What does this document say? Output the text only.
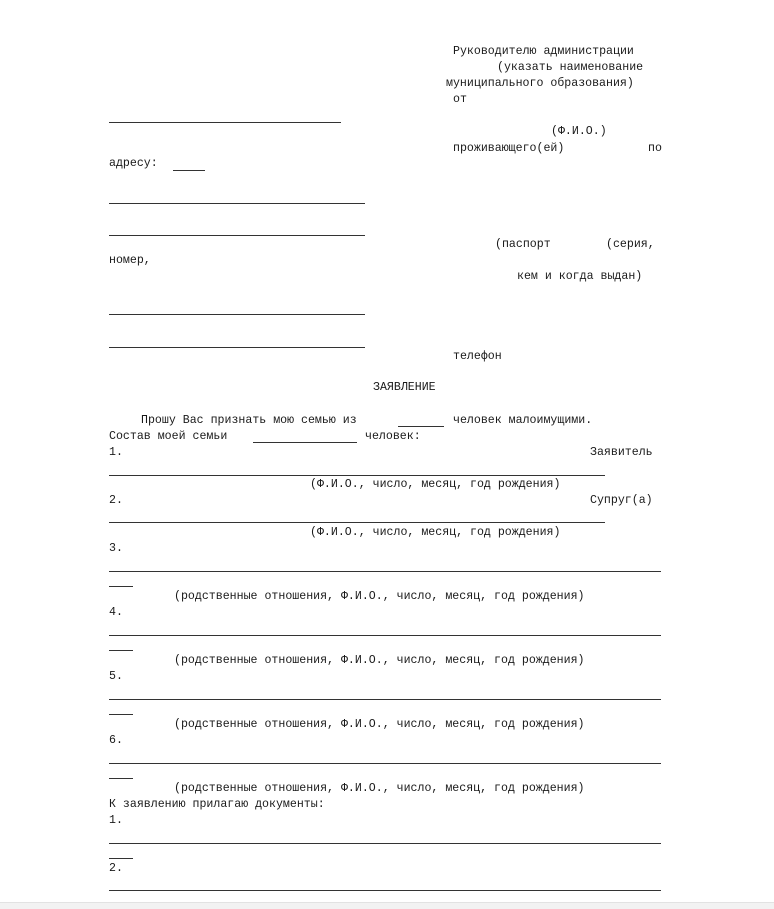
Руководителю администрации
(указать наименование
муниципального образования)
от
(Ф.И.О.)
проживающего(ей)	по
адресу:
(паспорт	(серия,
номер,
кем и когда выдан)
телефон
ЗАЯВЛЕНИЕ
Прошу Вас признать мою семью из	человек малоимущими.
Состав моей семьи	человек:
1.	Заявитель
(Ф.И.О., число, месяц, год рождения)
2.	Супруг(а)
(Ф.И.О., число, месяц, год рождения)
3.
(родственные отношения, Ф.И.О., число, месяц, год рождения)
4.
(родственные отношения, Ф.И.О., число, месяц, год рождения)
5.
(родственные отношения, Ф.И.О., число, месяц, год рождения)
6.
(родственные отношения, Ф.И.О., число, месяц, год рождения)
К заявлению прилагаю документы:
1.
2.
